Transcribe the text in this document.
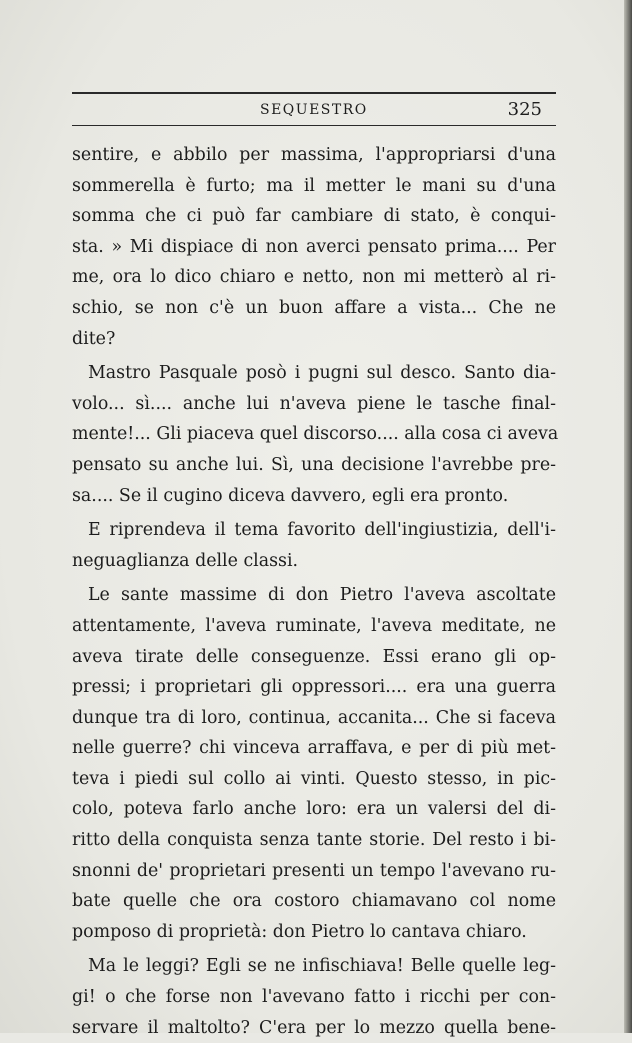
SEQUESTRO	325
sentire, e abbilo per massima, l'appropriarsi d'una
sommerella è furto; ma il metter le mani su d'una
somma che ci può far cambiare di stato, è conqui-
sta. » Mi dispiace di non averci pensato prima.... Per
me, ora lo dico chiaro e netto, non mi metterò al ri-
schio, se non c'è un buon affare a vista... Che ne
dite?
Mastro Pasquale posò i pugni sul desco. Santo dia-
volo... sì.... anche lui n'aveva piene le tasche final-
mente!... Gli piaceva quel discorso.... alla cosa ci aveva
pensato su anche lui. Sì, una decisione l'avrebbe pre-
sa.... Se il cugino diceva davvero, egli era pronto.
E riprendeva il tema favorito dell'ingiustizia, dell'i-
neguaglianza delle classi.
Le sante massime di don Pietro l'aveva ascoltate
attentamente, l'aveva ruminate, l'aveva meditate, ne
aveva tirate delle conseguenze. Essi erano gli op-
pressi; i proprietari gli oppressori.... era una guerra
dunque tra di loro, continua, accanita... Che si faceva
nelle guerre? chi vinceva arraffava, e per di più met-
teva i piedi sul collo ai vinti. Questo stesso, in pic-
colo, poteva farlo anche loro: era un valersi del di-
ritto della conquista senza tante storie. Del resto i bi-
snonni de' proprietari presenti un tempo l'avevano ru-
bate quelle che ora costoro chiamavano col nome
pomposo di proprietà: don Pietro lo cantava chiaro.
Ma le leggi? Egli se ne infischiava! Belle quelle leg-
gi! o che forse non l'avevano fatto i ricchi per con-
servare il maltolto? C'era per lo mezzo quella bene-
